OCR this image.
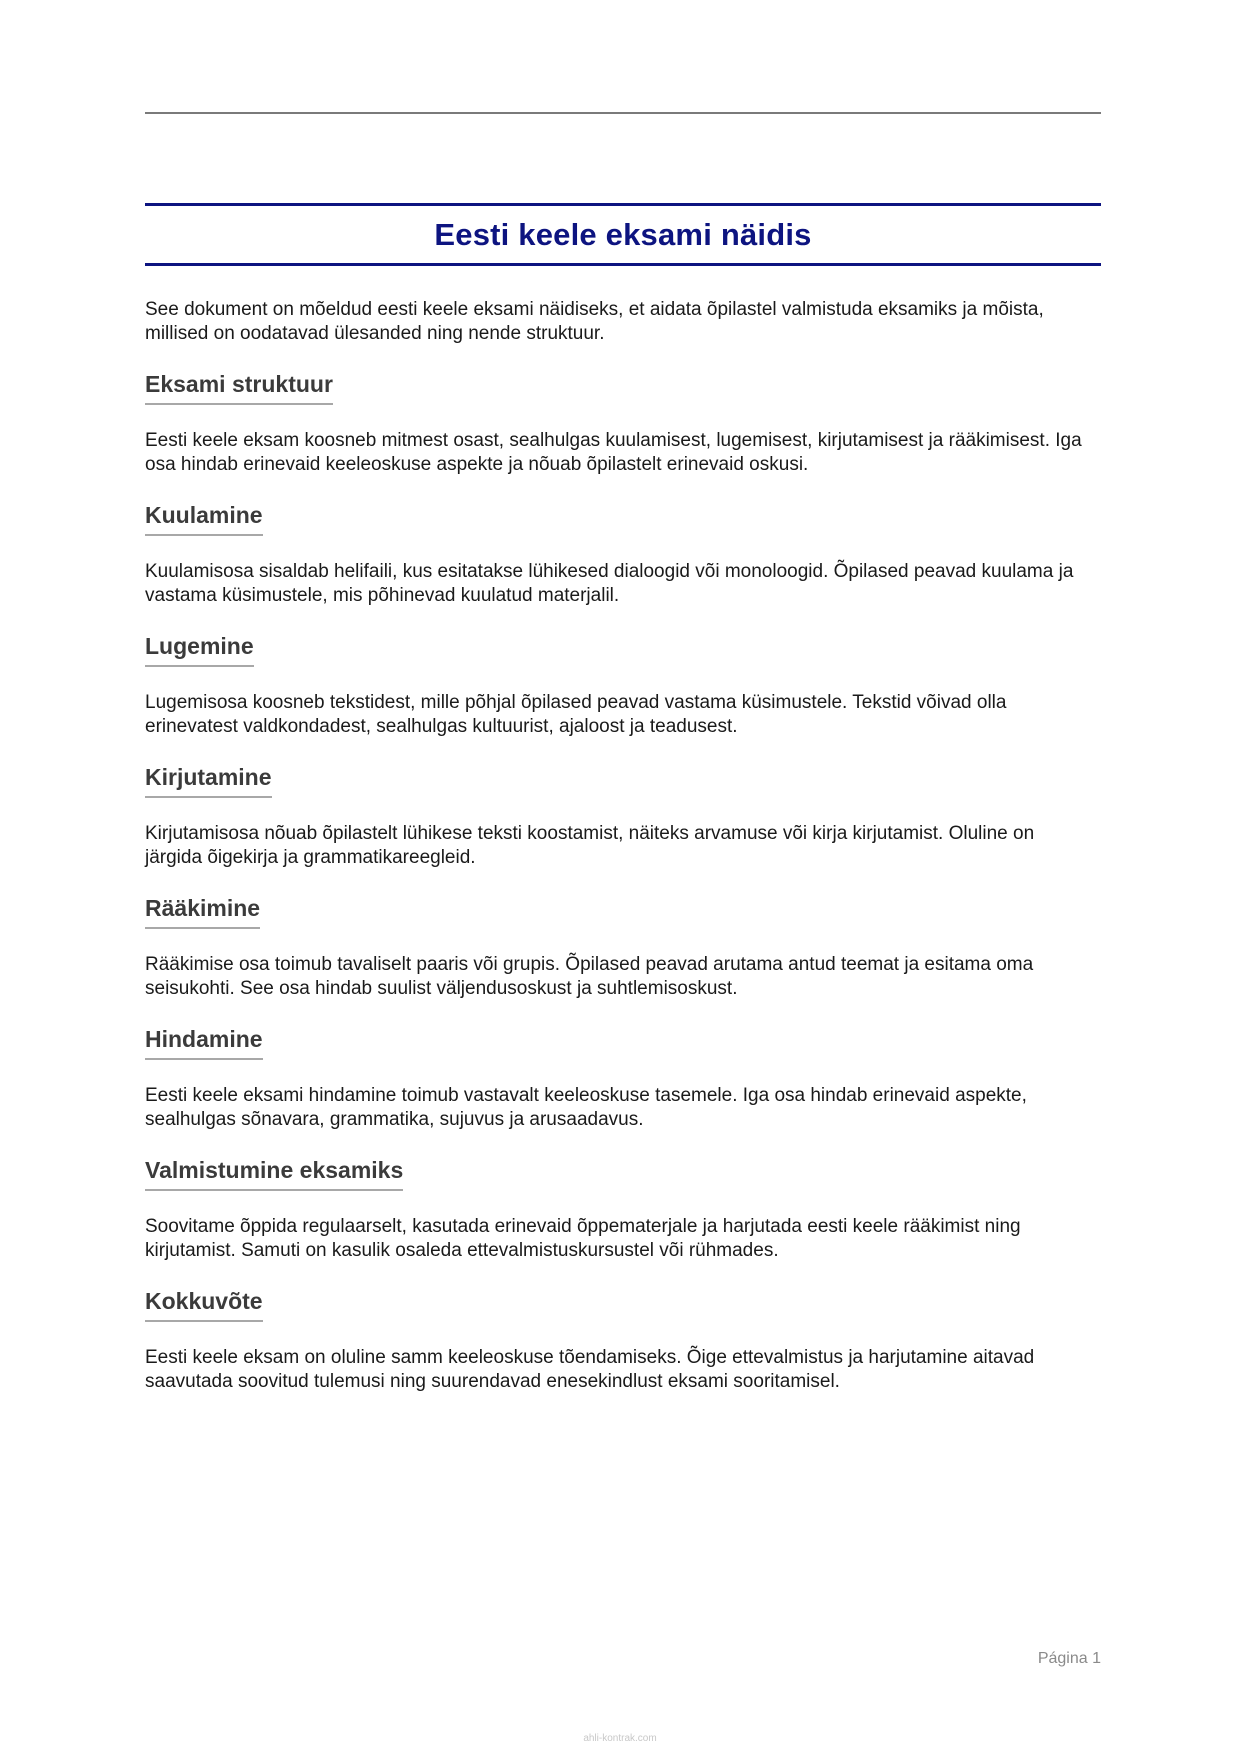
Eesti keele eksami näidis

See dokument on mõeldud eesti keele eksami näidiseks, et aidata õpilastel valmistuda eksamiks ja mõista, millised on oodatavad ülesanded ning nende struktuur.

Eksami struktuur

Eesti keele eksam koosneb mitmest osast, sealhulgas kuulamisest, lugemisest, kirjutamisest ja rääkimisest. Iga osa hindab erinevaid keeleoskuse aspekte ja nõuab õpilastelt erinevaid oskusi.

Kuulamine

Kuulamisosa sisaldab helifaili, kus esitatakse lühikesed dialoogid või monoloogid. Õpilased peavad kuulama ja vastama küsimustele, mis põhinevad kuulatud materjalil.

Lugemine

Lugemisosa koosneb tekstidest, mille põhjal õpilased peavad vastama küsimustele. Tekstid võivad olla erinevatest valdkondadest, sealhulgas kultuurist, ajaloost ja teadusest.

Kirjutamine

Kirjutamisosa nõuab õpilastelt lühikese teksti koostamist, näiteks arvamuse või kirja kirjutamist. Oluline on järgida õigekirja ja grammatikareegleid.

Rääkimine

Rääkimise osa toimub tavaliselt paaris või grupis. Õpilased peavad arutama antud teemat ja esitama oma seisukohti. See osa hindab suulist väljendusoskust ja suhtlemisoskust.

Hindamine

Eesti keele eksami hindamine toimub vastavalt keeleoskuse tasemele. Iga osa hindab erinevaid aspekte, sealhulgas sõnavara, grammatika, sujuvus ja arusaadavus.

Valmistumine eksamiks

Soovitame õppida regulaarselt, kasutada erinevaid õppematerjale ja harjutada eesti keele rääkimist ning kirjutamist. Samuti on kasulik osaleda ettevalmistuskursustel või rühmades.

Kokkuvõte

Eesti keele eksam on oluline samm keeleoskuse tõendamiseks. Õige ettevalmistus ja harjutamine aitavad saavutada soovitud tulemusi ning suurendavad enesekindlust eksami sooritamisel.

Página 1
ahli-kontrak.com
